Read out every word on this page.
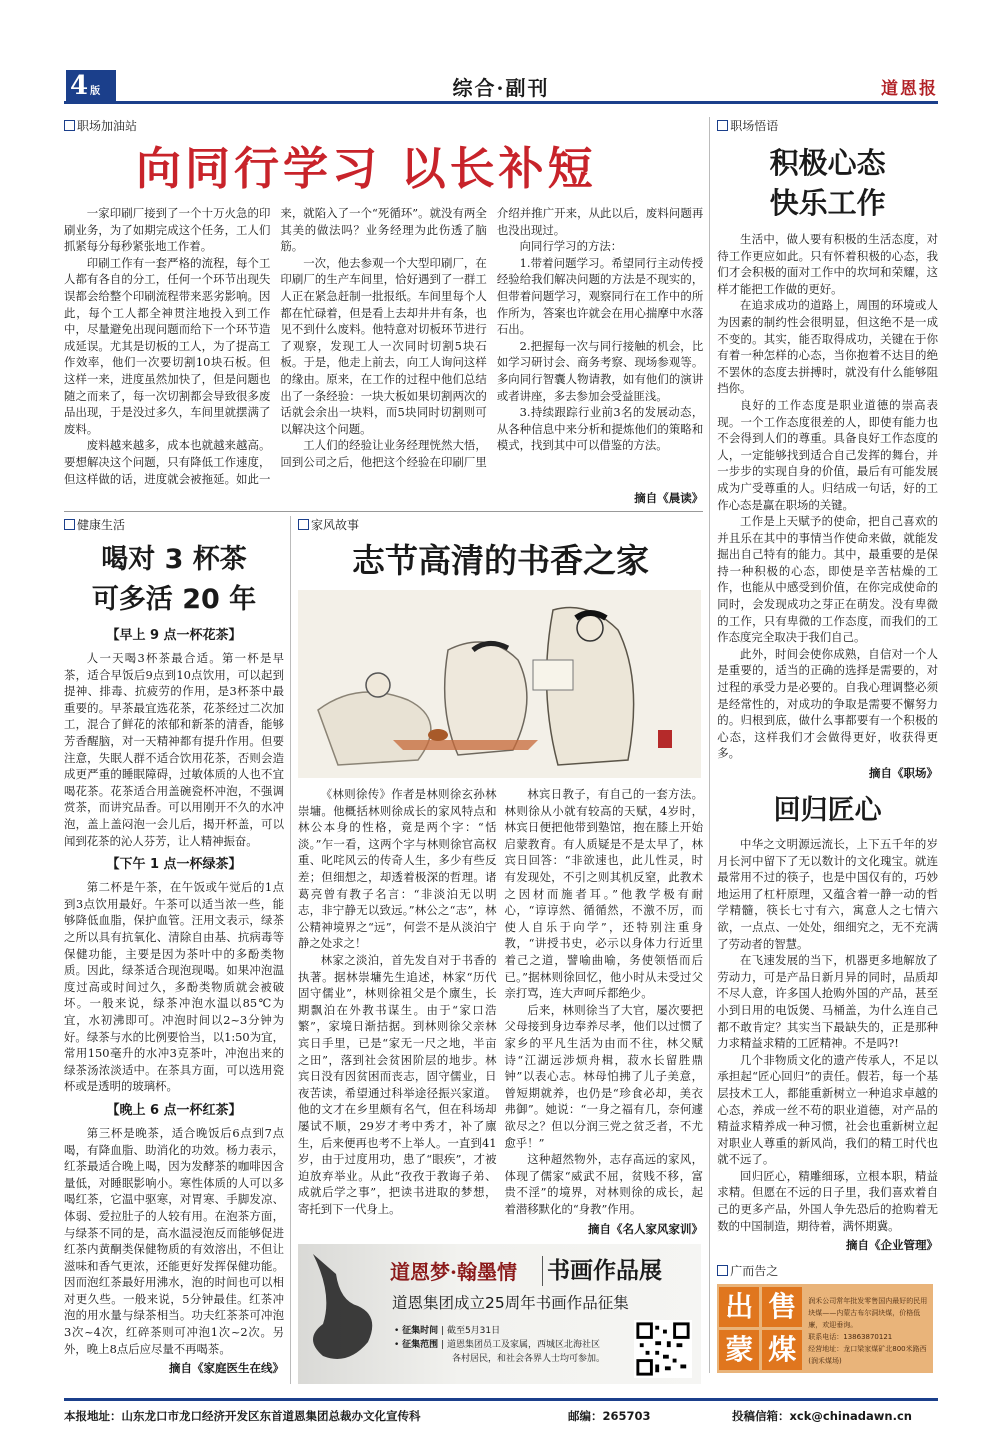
4 版	综合·副刊	道恩报
职场加油站
向同行学习 以长补短

一家印刷厂接到了一个十万火急的印刷业务，为了如期完成这个任务，工人们抓紧每分每秒紧张地工作着。

印刷工作有一套严格的流程，每个工人都有各自的分工，任何一个环节出现失误都会给整个印刷流程带来恶劣影响。因此，每个工人都全神贯注地投入到工作中，尽量避免出现问题而给下一个环节造成延误。尤其是切板的工人，为了提高工作效率，他们一次要切割10块石板。但这样一来，进度虽然加快了，但是问题也随之而来了，每一次切割都会导致很多废品出现，于是没过多久，车间里就摆满了废料。

废料越来越多，成本也就越来越高。要想解决这个问题，只有降低工作速度，但这样做的话，进度就会被拖延。如此一来，就陷入了一个“死循环”。就没有两全其美的做法吗？业务经理为此伤透了脑筋。

一次，他去参观一个大型印刷厂，在印刷厂的生产车间里，恰好遇到了一群工人正在紧急赶制一批报纸。车间里每个人都在忙碌着，但是看上去却井井有条，也见不到什么废料。他特意对切板环节进行了观察，发现工人一次同时切割5块石板。于是，他走上前去，向工人询问这样的缘由。原来，在工作的过程中他们总结出了一条经验：一块大板如果切割两次的话就会余出一块料，而5块同时切割则可以解决这个问题。

工人们的经验让业务经理恍然大悟，回到公司之后，他把这个经验在印刷厂里介绍并推广开来，从此以后，废料问题再也没出现过。

向同行学习的方法：

1.带着问题学习。希望同行主动传授经验给我们解决问题的方法是不现实的，但带着问题学习，观察同行在工作中的所作所为，答案也许就会在用心揣摩中水落石出。

2.把握每一次与同行接触的机会，比如学习研讨会、商务考察、现场参观等。多向同行智囊人物请教，如有他们的演讲或者讲座，多去参加会受益匪浅。

3.持续跟踪行业前3名的发展动态，从各种信息中来分析和提炼他们的策略和模式，找到其中可以借鉴的方法。

摘自《晨读》
健康生活
喝对 3 杯茶
可多活 20 年
【早上 9 点一杯花茶】

人一天喝3杯茶最合适。第一杯是早茶，适合早饭后9点到10点饮用，可以起到提神、排毒、抗疲劳的作用，是3杯茶中最重要的。早茶最宜选花茶，花茶经过二次加工，混合了鲜花的浓郁和新茶的清香，能够芳香醒脑，对一天精神都有提升作用。但要注意，失眠人群不适合饮用花茶，否则会造成更严重的睡眠障碍，过敏体质的人也不宜喝花茶。花茶适合用盖碗瓷杯冲泡，不强调赏茶，而讲究品香。可以用刚开不久的水冲泡，盖上盖闷泡一会儿后，揭开杯盖，可以闻到花茶的沁人芬芳，让人精神振奋。

【下午 1 点一杯绿茶】

第二杯是午茶，在午饭或午觉后的1点到3点饮用最好。午茶可以适当浓一些，能够降低血脂，保护血管。汪用文表示，绿茶之所以具有抗氧化、清除自由基、抗病毒等保健功能，主要是因为茶叶中的多酚类物质。因此，绿茶适合现泡现喝。如果冲泡温度过高或时间过久，多酚类物质就会被破坏。一般来说，绿茶冲泡水温以85℃为宜，水初沸即可。冲泡时间以2~3分钟为好。绿茶与水的比例要恰当，以1:50为宜，常用150毫升的水冲3克茶叶，冲泡出来的绿茶汤浓淡适中。在茶具方面，可以选用瓷杯或是透明的玻璃杯。

【晚上 6 点一杯红茶】

第三杯是晚茶，适合晚饭后6点到7点喝，有降血脂、助消化的功效。杨力表示，红茶最适合晚上喝，因为发酵茶的咖啡因含量低，对睡眠影响小。寒性体质的人可以多喝红茶，它温中驱寒，对胃寒、手脚发凉、体弱、爱拉肚子的人较有用。在泡茶方面，与绿茶不同的是，高水温浸泡反而能够促进红茶内黄酮类保健物质的有效溶出，不但让滋味和香气更浓，还能更好发挥保健功能。因而泡红茶最好用沸水，泡的时间也可以相对更久些。一般来说，5分钟最佳。红茶冲泡的用水量与绿茶相当。功夫红茶茶可冲泡3次~4次，红碎茶则可冲泡1次~2次。另外，晚上8点后应尽量不再喝茶。

摘自《家庭医生在线》
家风故事
志节高清的书香之家

《林则徐传》作者是林则徐玄孙林崇墉。他概括林则徐成长的家风特点和林公本身的性格，竟是两个字：“恬淡。”乍一看，这两个字与林则徐官高权重、叱咤风云的传奇人生，多少有些反差；但细想之，却透着极深的哲理。诸葛亮曾有教子名言：“非淡泊无以明志，非宁静无以致远。”林公之“志”，林公精神境界之“远”，何尝不是从淡泊宁静之处求之！

林家之淡泊，首先发自对于书香的执著。据林崇墉先生追述，林家“历代固守儒业”，林则徐祖父是个廪生，长期飘泊在外教书谋生。由于“家口浩繁”，家境日渐拮据。到林则徐父亲林宾日手里，已是“家无一尺之地，半亩之田”，落到社会贫困阶层的地步。林宾日没有因贫困而丧志，固守儒业，日夜苦读，希望通过科举途径振兴家道。他的文才在乡里颇有名气，但在科场却屡试不顺，29岁才考中秀才，补了廪生，后来便再也考不上举人。一直到41岁，由于过度用功，患了“眼疾”，才被迫放弃举业。从此“孜孜于教诲子弟、成就后学之事”，把读书进取的梦想，寄托到下一代身上。

林宾日教子，有自己的一套方法。林则徐从小就有较高的天赋，4岁时，林宾日便把他带到塾馆，抱在膝上开始启蒙教育。有人质疑是不是太早了，林宾日回答：“非欲速也，此儿性灵，时有发现处，不引之则其机反窒，此教术之因材而施者耳。”他教学极有耐心，“谆谆然、循循然，不激不厉，而使人自乐于向学”，还特别注重身教，“讲授书史，必示以身体力行近里着己之道，譬喻曲喻，务使领悟而后已。”据林则徐回忆，他小时从未受过父亲打骂，连大声呵斥都绝少。

后来，林则徐当了大官，屡次要把父母接到身边奉养尽孝，他们以过惯了家乡的平凡生活为由而不往，林父赋诗“江湖远涉烦舟楫，菽水长留胜鼎钟”以表心志。林母怕拂了儿子美意，曾短期就养，也仍是“珍食必却，美衣弗御”。她说：“一身之福有几，奈何遽欲尽之？但以分润三党之贫乏者，不尤愈乎！”

这种超然物外，志存高远的家风，体现了儒家“威武不屈，贫贱不移，富贵不淫”的境界，对林则徐的成长，起着潜移默化的“身教”作用。

摘自《名人家风家训》
道恩梦·翰墨情 书画作品展
道恩集团成立25周年书画作品征集
• 征集时间 | 截至5月31日
• 征集范围 | 道恩集团员工及家属，西城区北海社区
各村居民，和社会各界人士均可参加。
职场悟语
积极心态
快乐工作

生活中，做人要有积极的生活态度，对待工作更应如此。只有怀着积极的心态，我们才会积极的面对工作中的坎坷和荣耀，这样才能把工作做的更好。

在追求成功的道路上，周围的环境或人为因素的制约性会很明显，但这绝不是一成不变的。其实，能否取得成功，关键在于你有着一种怎样的心态，当你抱着不达目的绝不罢休的态度去拼搏时，就没有什么能够阻挡你。

良好的工作态度是职业道德的崇高表现。一个工作态度很差的人，即使有能力也不会得到人们的尊重。具备良好工作态度的人，一定能够找到适合自己发挥的舞台，并一步步的实现自身的价值，最后有可能发展成为广受尊重的人。归结成一句话，好的工作心态是赢在职场的关键。

工作是上天赋予的使命，把自己喜欢的并且乐在其中的事情当作使命来做，就能发掘出自己特有的能力。其中，最重要的是保持一种积极的心态，即使是辛苦枯燥的工作，也能从中感受到价值，在你完成使命的同时，会发现成功之芽正在萌发。没有卑微的工作，只有卑微的工作态度，而我们的工作态度完全取决于我们自己。

此外，时间会使你成熟，自信对一个人是重要的，适当的正确的选择是需要的，对过程的承受力是必要的。自我心理调整必须是经常性的，对成功的争取是需要不懈努力的。归根到底，做什么事都要有一个积极的心态，这样我们才会做得更好，收获得更多。

摘自《职场》
回归匠心

中华之文明源远流长，上下五千年的岁月长河中留下了无以数计的文化瑰宝。就连最常用不过的筷子，也是中国仅有的，巧妙地运用了杠杆原理，又蕴含着一静一动的哲学精髓，筷长七寸有六，寓意人之七情六欲，一点点、一处处，细细究之，无不充满了劳动者的智慧。

在飞速发展的当下，机器更多地解放了劳动力，可是产品日新月异的同时，品质却不尽人意，许多国人抢购外国的产品，甚至小到日用的电饭煲、马桶盖，为什么连自己都不敢肯定？其实当下最缺失的，正是那种力求精益求精的工匠精神。不是吗?!

几个非物质文化的遗产传承人，不足以承担起“匠心回归”的责任。假若，每一个基层技术工人，都能重新树立一种追求卓越的心态，养成一丝不苟的职业道德，对产品的精益求精养成一种习惯，社会也重新树立起对职业人尊重的新风尚，我们的精工时代也就不远了。

回归匠心，精雕细琢，立根本职，精益求精。但愿在不远的日子里，我们喜欢着自己的更多产品，外国人争先恐后的抢购着无数的中国制造，期待着，满怀期冀。

摘自《企业管理》
广而告之
出 售
蒙 煤
润禾公司常年批发零售国内最好的民用
块煤——内蒙古布尔洞块煤，价格低廉，欢迎垂询。
联系电话：13863870121
经营地址：龙口梁家煤矿北800米路西(润禾煤场)
本报地址：山东龙口市龙口经济开发区东首道恩集团总裁办文化宣传科	邮编：265703	投稿信箱：xck@chinadawn.cn
